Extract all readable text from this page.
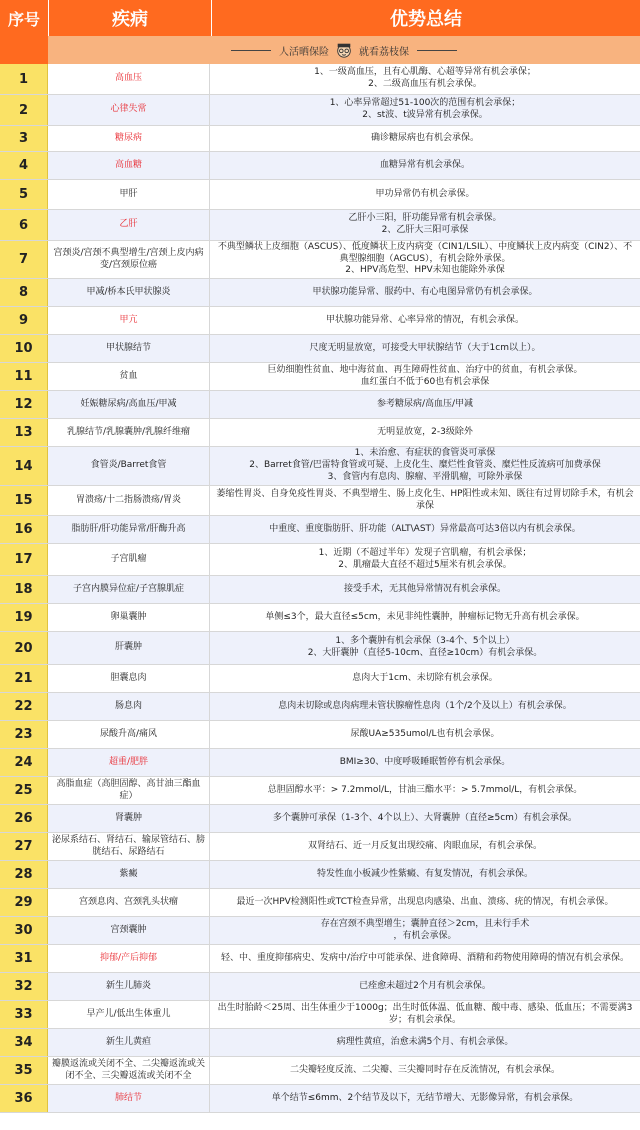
序号	疾病	优势总结
人活晒保险	就看荔枝保
1	高血压
1、一级高血压，且有心肌酶、心超等异常有机会承保；
2、二级高血压有机会承保。
2	心律失常
1、心率异常超过51-100次的范围有机会承保；
2、st波、t波异常有机会承保。
3	糖尿病	确诊糖尿病也有机会承保。
4	高血糖	血糖异常有机会承保。
5	甲肝	甲功异常仍有机会承保。
6	乙肝
乙肝小三阳，肝功能异常有机会承保。
2、乙肝大三阳可承保
7	宫颈炎/宫颈不典型增生/宫颈上皮内病变/宫颈原位癌
不典型鳞状上皮细胞（ASCUS）、低度鳞状上皮内病变（CIN1/LSIL）、中度鳞状上皮内病变（CIN2）、不典型腺细胞（AGCUS），有机会除外承保。
2、HPV高危型、HPV未知也能除外承保
8	甲减/桥本氏甲状腺炎	甲状腺功能异常、服药中、有心电图异常仍有机会承保。
9	甲亢	甲状腺功能异常、心率异常的情况，有机会承保。
10	甲状腺结节	尺度无明显放宽，可接受大甲状腺结节（大于1cm以上）。
11	贫血
巨幼细胞性贫血、地中海贫血、再生障碍性贫血、治疗中的贫血，有机会承保。
血红蛋白不低于60也有机会承保
12	妊娠糖尿病/高血压/甲减	参考糖尿病/高血压/甲减
13	乳腺结节/乳腺囊肿/乳腺纤维瘤	无明显放宽，2-3级除外
14	食管炎/Barret食管
1、未治愈、有症状的食管炎可承保
2、Barret食管/巴雷特食管或可疑、上皮化生、糜烂性食管炎、糜烂性反流病可加费承保
3、食管内有息肉、腺瘤、平滑肌瘤，可除外承保
15	胃溃疡/十二指肠溃疡/胃炎
萎缩性胃炎、自身免疫性胃炎、不典型增生、肠上皮化生、HP阳性或未知、既往有过胃切除手术，有机会承保
16	脂肪肝/肝功能异常/肝酶升高	中重度、重度脂肪肝、肝功能（ALT\AST）异常最高可达3倍以内有机会承保。
17	子宫肌瘤
1、近期（不超过半年）发现子宫肌瘤，有机会承保；
2、肌瘤最大直径不超过5厘米有机会承保。
18	子宫内膜异位症/子宫腺肌症	接受手术，无其他异常情况有机会承保。
19	卵巢囊肿	单侧≤3个，最大直径≤5cm，未见非纯性囊肿，肿瘤标记物无升高有机会承保。
20	肝囊肿
1、多个囊肿有机会承保（3-4个、5个以上）
2、大肝囊肿（直径5-10cm、直径≥10cm）有机会承保。
21	胆囊息肉	息肉大于1cm、未切除有机会承保。
22	肠息肉	息肉未切除或息肉病理未管状腺瘤性息肉（1个/2个及以上）有机会承保。
23	尿酸升高/痛风	尿酸UA≥535umol/L也有机会承保。
24	超重/肥胖	BMI≥30、中度呼吸睡眠暂停有机会承保。
25	高脂血症（高胆固醇、高甘油三酯血症）
总胆固醇水平：> 7.2mmol/L，甘油三酯水平：> 5.7mmol/L，有机会承保。
26	肾囊肿	多个囊肿可承保（1-3个、4个以上）、大肾囊肿（直径≥5cm）有机会承保。
27	泌尿系结石、肾结石、输尿管结石、膀胱结石、尿路结石
双肾结石、近一月反复出现绞痛、肉眼血尿，有机会承保。
28	紫癜	特发性血小板减少性紫癜、有复发情况，有机会承保。
29	宫颈息肉、宫颈乳头状瘤	最近一次HPV检测阳性或TCT检查异常，出现息肉感染、出血、溃疡、疣的情况，有机会承保。
30	宫颈囊肿
存在宫颈不典型增生；囊肿直径＞2cm，且未行手术
，有机会承保。
31	抑郁/产后抑郁	轻、中、重度抑郁病史、发病中/治疗中可能承保、进食障碍、酒精和药物使用障碍的情况有机会承保。
32	新生儿肺炎	已痊愈未超过2个月有机会承保。
33	早产儿/低出生体重儿
出生时胎龄＜25周、出生体重少于1000g；出生时低体温、低血糖、酸中毒、感染、低血压；不需要满3岁；有机会承保。
34	新生儿黄疸	病理性黄疸，治愈未满5个月、有机会承保。
35	瓣膜返流或关闭不全、二尖瓣返流或关闭不全、三尖瓣返流或关闭不全
二尖瓣轻度反流、二尖瓣、三尖瓣同时存在反流情况，有机会承保。
36	肺结节	单个结节≤6mm、2个结节及以下，无结节增大、无影像异常，有机会承保。
